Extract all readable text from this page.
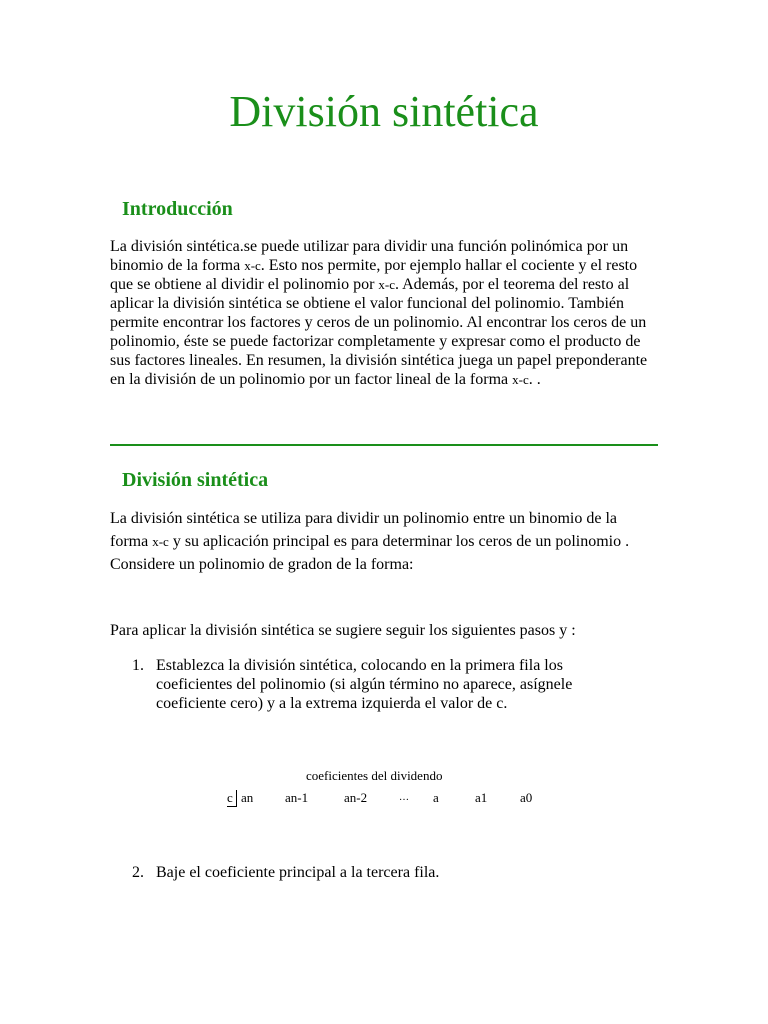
División sintética
Introducción

La división sintética.se puede utilizar para dividir una función polinómica por un binomio de la forma x-c. Esto nos permite, por ejemplo hallar el cociente y el resto que se obtiene al dividir el polinomio por x-c. Además, por el teorema del resto al aplicar la división sintética se obtiene el valor funcional del polinomio. También permite encontrar los factores y ceros de un polinomio. Al encontrar los ceros de un polinomio, éste se puede factorizar completamente y expresar como el producto de sus factores lineales. En resumen, la división sintética juega un papel preponderante en la división de un polinomio por un factor lineal de la forma x-c. .

División sintética

La división sintética se utiliza para dividir un polinomio entre un binomio de la forma x-c y su aplicación principal es para determinar los ceros de un polinomio . Considere un polinomio de gradon de la forma:

Para aplicar la división sintética se sugiere seguir los siguientes pasos y :

1. Establezca la división sintética, colocando en la primera fila los coeficientes del polinomio (si algún término no aparece, asígnele coeficiente cero) y a la extrema izquierda el valor de c.
coeficientes del dividendo
c an an-1	an-2	… a	a1	a0
2. Baje el coeficiente principal a la tercera fila.
